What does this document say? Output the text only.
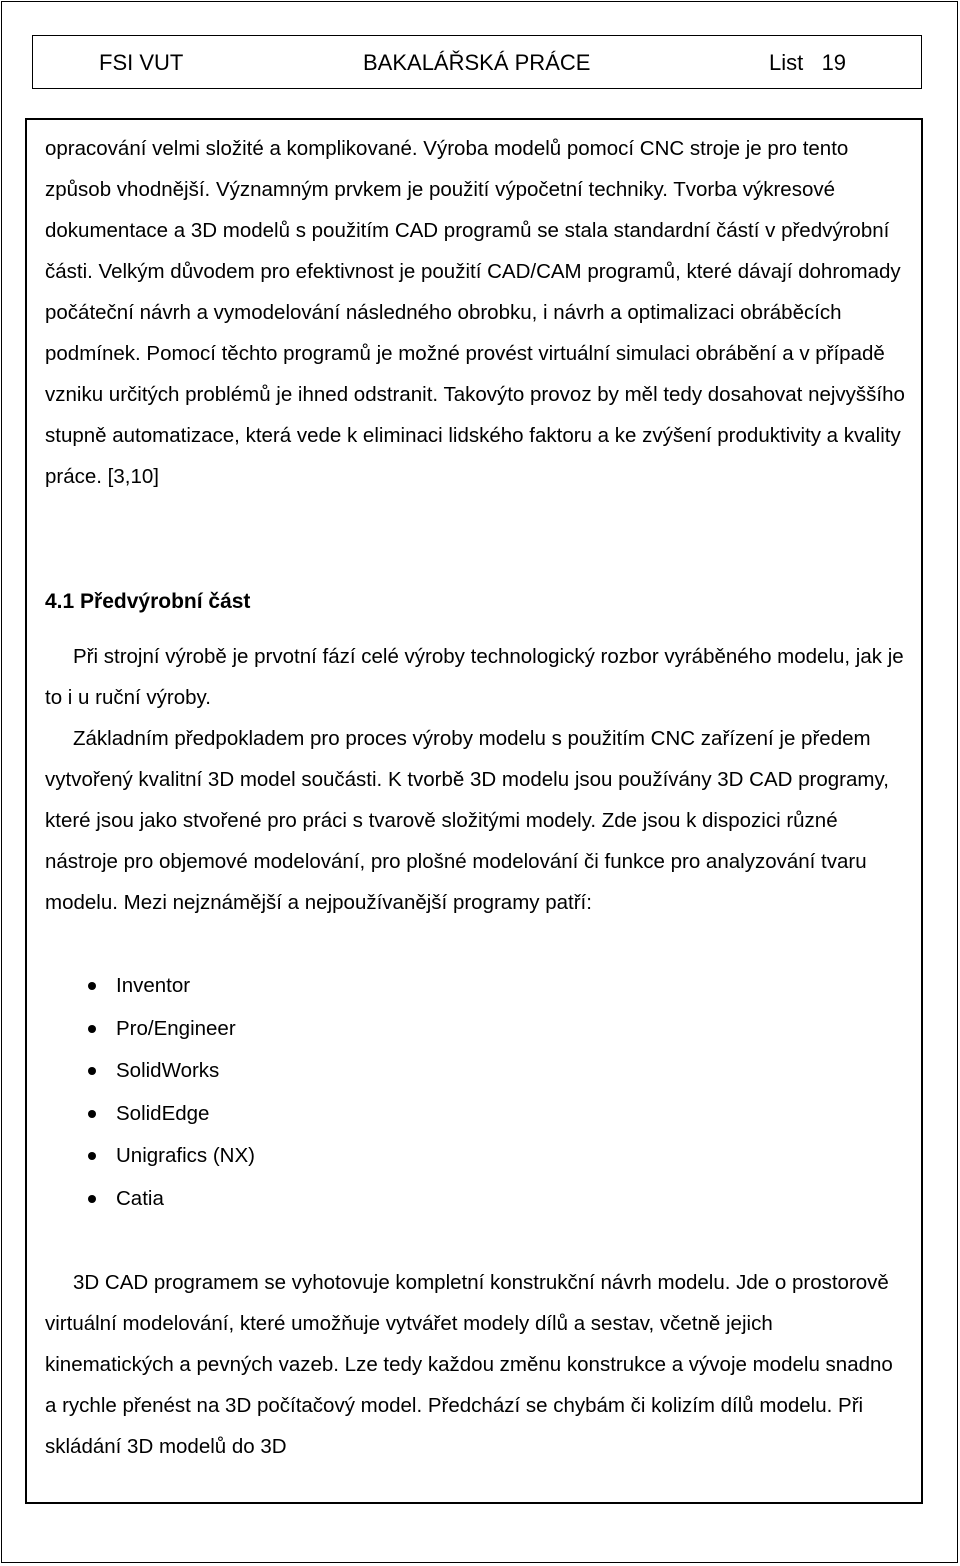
FSI VUT	BAKALÁŘSKÁ PRÁCE	List   19

opracování velmi složité a komplikované. Výroba modelů pomocí CNC stroje je pro tento způsob vhodnější. Významným prvkem je použití výpočetní techniky. Tvorba výkresové dokumentace a 3D modelů s použitím CAD programů se stala standardní částí v předvýrobní části. Velkým důvodem pro efektivnost je použití CAD/CAM programů, které dávají dohromady počáteční návrh a vymodelování následného obrobku, i návrh a optimalizaci obráběcích podmínek. Pomocí těchto programů je možné provést virtuální simulaci obrábění a v případě vzniku určitých problémů je ihned odstranit. Takovýto provoz by měl tedy dosahovat nejvyššího stupně automatizace, která vede k eliminaci lidského faktoru a ke zvýšení produktivity a kvality práce. [3,10]

4.1 Předvýrobní část

Při strojní výrobě je prvotní fází celé výroby technologický rozbor vyráběného modelu, jak je to i u ruční výroby.

Základním předpokladem pro proces výroby modelu s použitím CNC zařízení je předem vytvořený kvalitní 3D model součásti. K tvorbě 3D modelu jsou používány 3D CAD programy, které jsou jako stvořené pro práci s tvarově složitými modely. Zde jsou k dispozici různé nástroje pro objemové modelování, pro plošné modelování či funkce pro analyzování tvaru modelu. Mezi nejznámější a nejpoužívanější programy patří:

Inventor
Pro/Engineer
SolidWorks
SolidEdge
Unigrafics (NX)
Catia

3D CAD programem se vyhotovuje kompletní konstrukční návrh modelu. Jde o prostorově virtuální modelování, které umožňuje vytvářet modely dílů a sestav, včetně jejich kinematických a pevných vazeb. Lze tedy každou změnu konstrukce a vývoje modelu snadno a rychle přenést na 3D počítačový model. Předchází se chybám či kolizím dílů modelu. Při skládání 3D modelů do 3D
